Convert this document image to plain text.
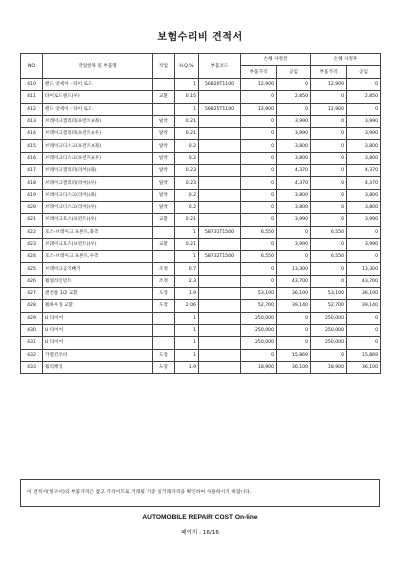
보험수리비 견적서
NO	작업항목 및 부품명	작업	H.Q.%	부품코드	손해 사정전		손해 사정후	
					부품가격	공임	부품가격	공임
410	펜드 앗세이 - 타이 로드		1	56820T1100	12,900	0	12,900	0
411	타이로드엔드(우)	교환	0.15		0	2,850	0	2,850
412	펜드 앗세이 - 타이 로드		1	56825T1100	12,900	0	12,900	0
413	브레이크캘리퍼(프런트)(좌)	탈착	0.21		0	3,990	0	3,990
414	브레이크캘리퍼(프런트)(우)	탈착	0.21		0	3,990	0	3,990
415	브레이크디스크(프런트)(좌)	탈착	0.2		0	3,800	0	3,800
416	브레이크디스크(프런트)(우)	탈착	0.2		0	3,800	0	3,800
417	브레이크캘리퍼(리어)(좌)	탈착	0.23		0	4,370	0	4,370
418	브레이크캘리퍼(리어)(우)	탈착	0.23		0	4,370	0	4,370
419	브레이크디스크(리어)(좌)	탈착	0.2		0	3,800	0	3,800
420	브레이크디스크(리어)(우)	탈착	0.2		0	3,800	0	3,800
421	브레이크호스(프런트)(우)	교환	0.21		0	3,990	0	3,990
422	호스-브레이크 프론트,좌측		1	58731T1500	6,550	0	6,550	0
423	브레이크호스(프런트)(우)	교환	0.21		0	3,990	0	3,990
424	호스-브레이크 프론트,우측		1	58732T1500	6,550	0	6,550	0
425	브레이크공기빼기	조정	0.7		0	13,300	0	13,300
426	휠얼라인먼트	조정	2.3		0	43,700	0	43,700
427	앤진룸 1/2 교환	도장	1.9		53,100	36,100	53,100	36,100
428	휠하우징 교환	도장	2.06		52,700	39,140	52,700	39,140
429	U 타이어		1		250,000	0	250,000	0
430	U 타이어		1		250,000	0	250,000	0
431	U 타이어		1		250,000	0	250,000	0
432	가열건조비	도장	1		0	15,869	0	15,869
433	휠리페잉	도장	1.9		18,900	36,100	18,900	36,100
이 견적서(청구서)의 부품가격은 참고 가격이므로 거래될 기준 실거래가격을 확인하여 사용하시기 바랍니다.
AUTOMOBILE REPAIR COST On-line
페이지 : 16/16
